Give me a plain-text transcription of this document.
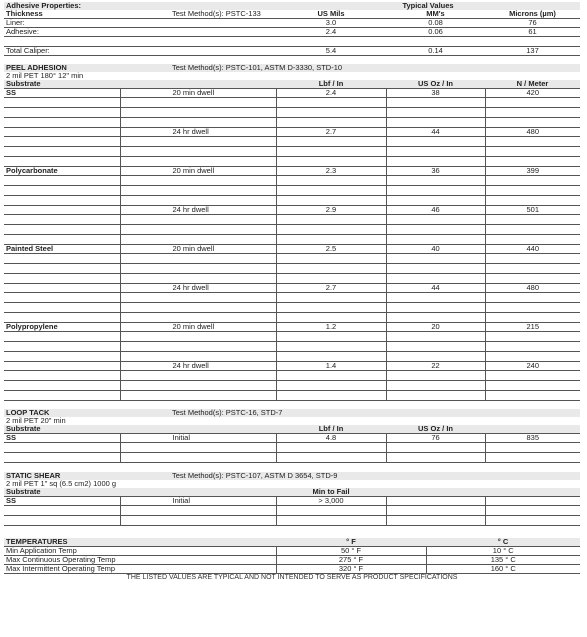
Adhesive Properties:		Typical Values		
Thickness	Test Method(s): PSTC-133	US Mils	MM's	Microns (µm)
Liner:		3.0	0.08	76
Adhesive:		2.4	0.06	61

Total Caliper:		5.4	0.14	137
PEEL ADHESION	Test Method(s): PSTC-101, ASTM D-3330, STD-10			
2 mil PET 180° 12" min				
Substrate		Lbf / In	US Oz / In	N / Meter
SS	20 min dwell	2.4	38	420

	24 hr dwell	2.7	44	480

Polycarbonate	20 min dwell	2.3	36	399

	24 hr dwell	2.9	46	501

Painted Steel	20 min dwell	2.5	40	440

	24 hr dwell	2.7	44	480

Polypropylene	20 min dwell	1.2	20	215

	24 hr dwell	1.4	22	240

LOOP TACK	Test Method(s): PSTC-16, STD-7			
2 mil PET 20" min				
Substrate		Lbf / In	US Oz / In	
SS	Initial	4.8	76	835

STATIC SHEAR	Test Method(s): PSTC-107, ASTM D 3654, STD-9			
2 mil PET 1" sq (6.5 cm2) 1000 g				
Substrate		Min to Fail		
SS	Initial	> 3,000		

TEMPERATURES	° F	° C
Min Application Temp	50 ° F	10 ° C
Max Continuous Operating Temp	275 ° F	135 ° C
Max Intermittent Operating Temp	320 ° F	160 ° C
THE LISTED VALUES ARE TYPICAL AND NOT INTENDED TO SERVE AS PRODUCT SPECIFICATIONS
